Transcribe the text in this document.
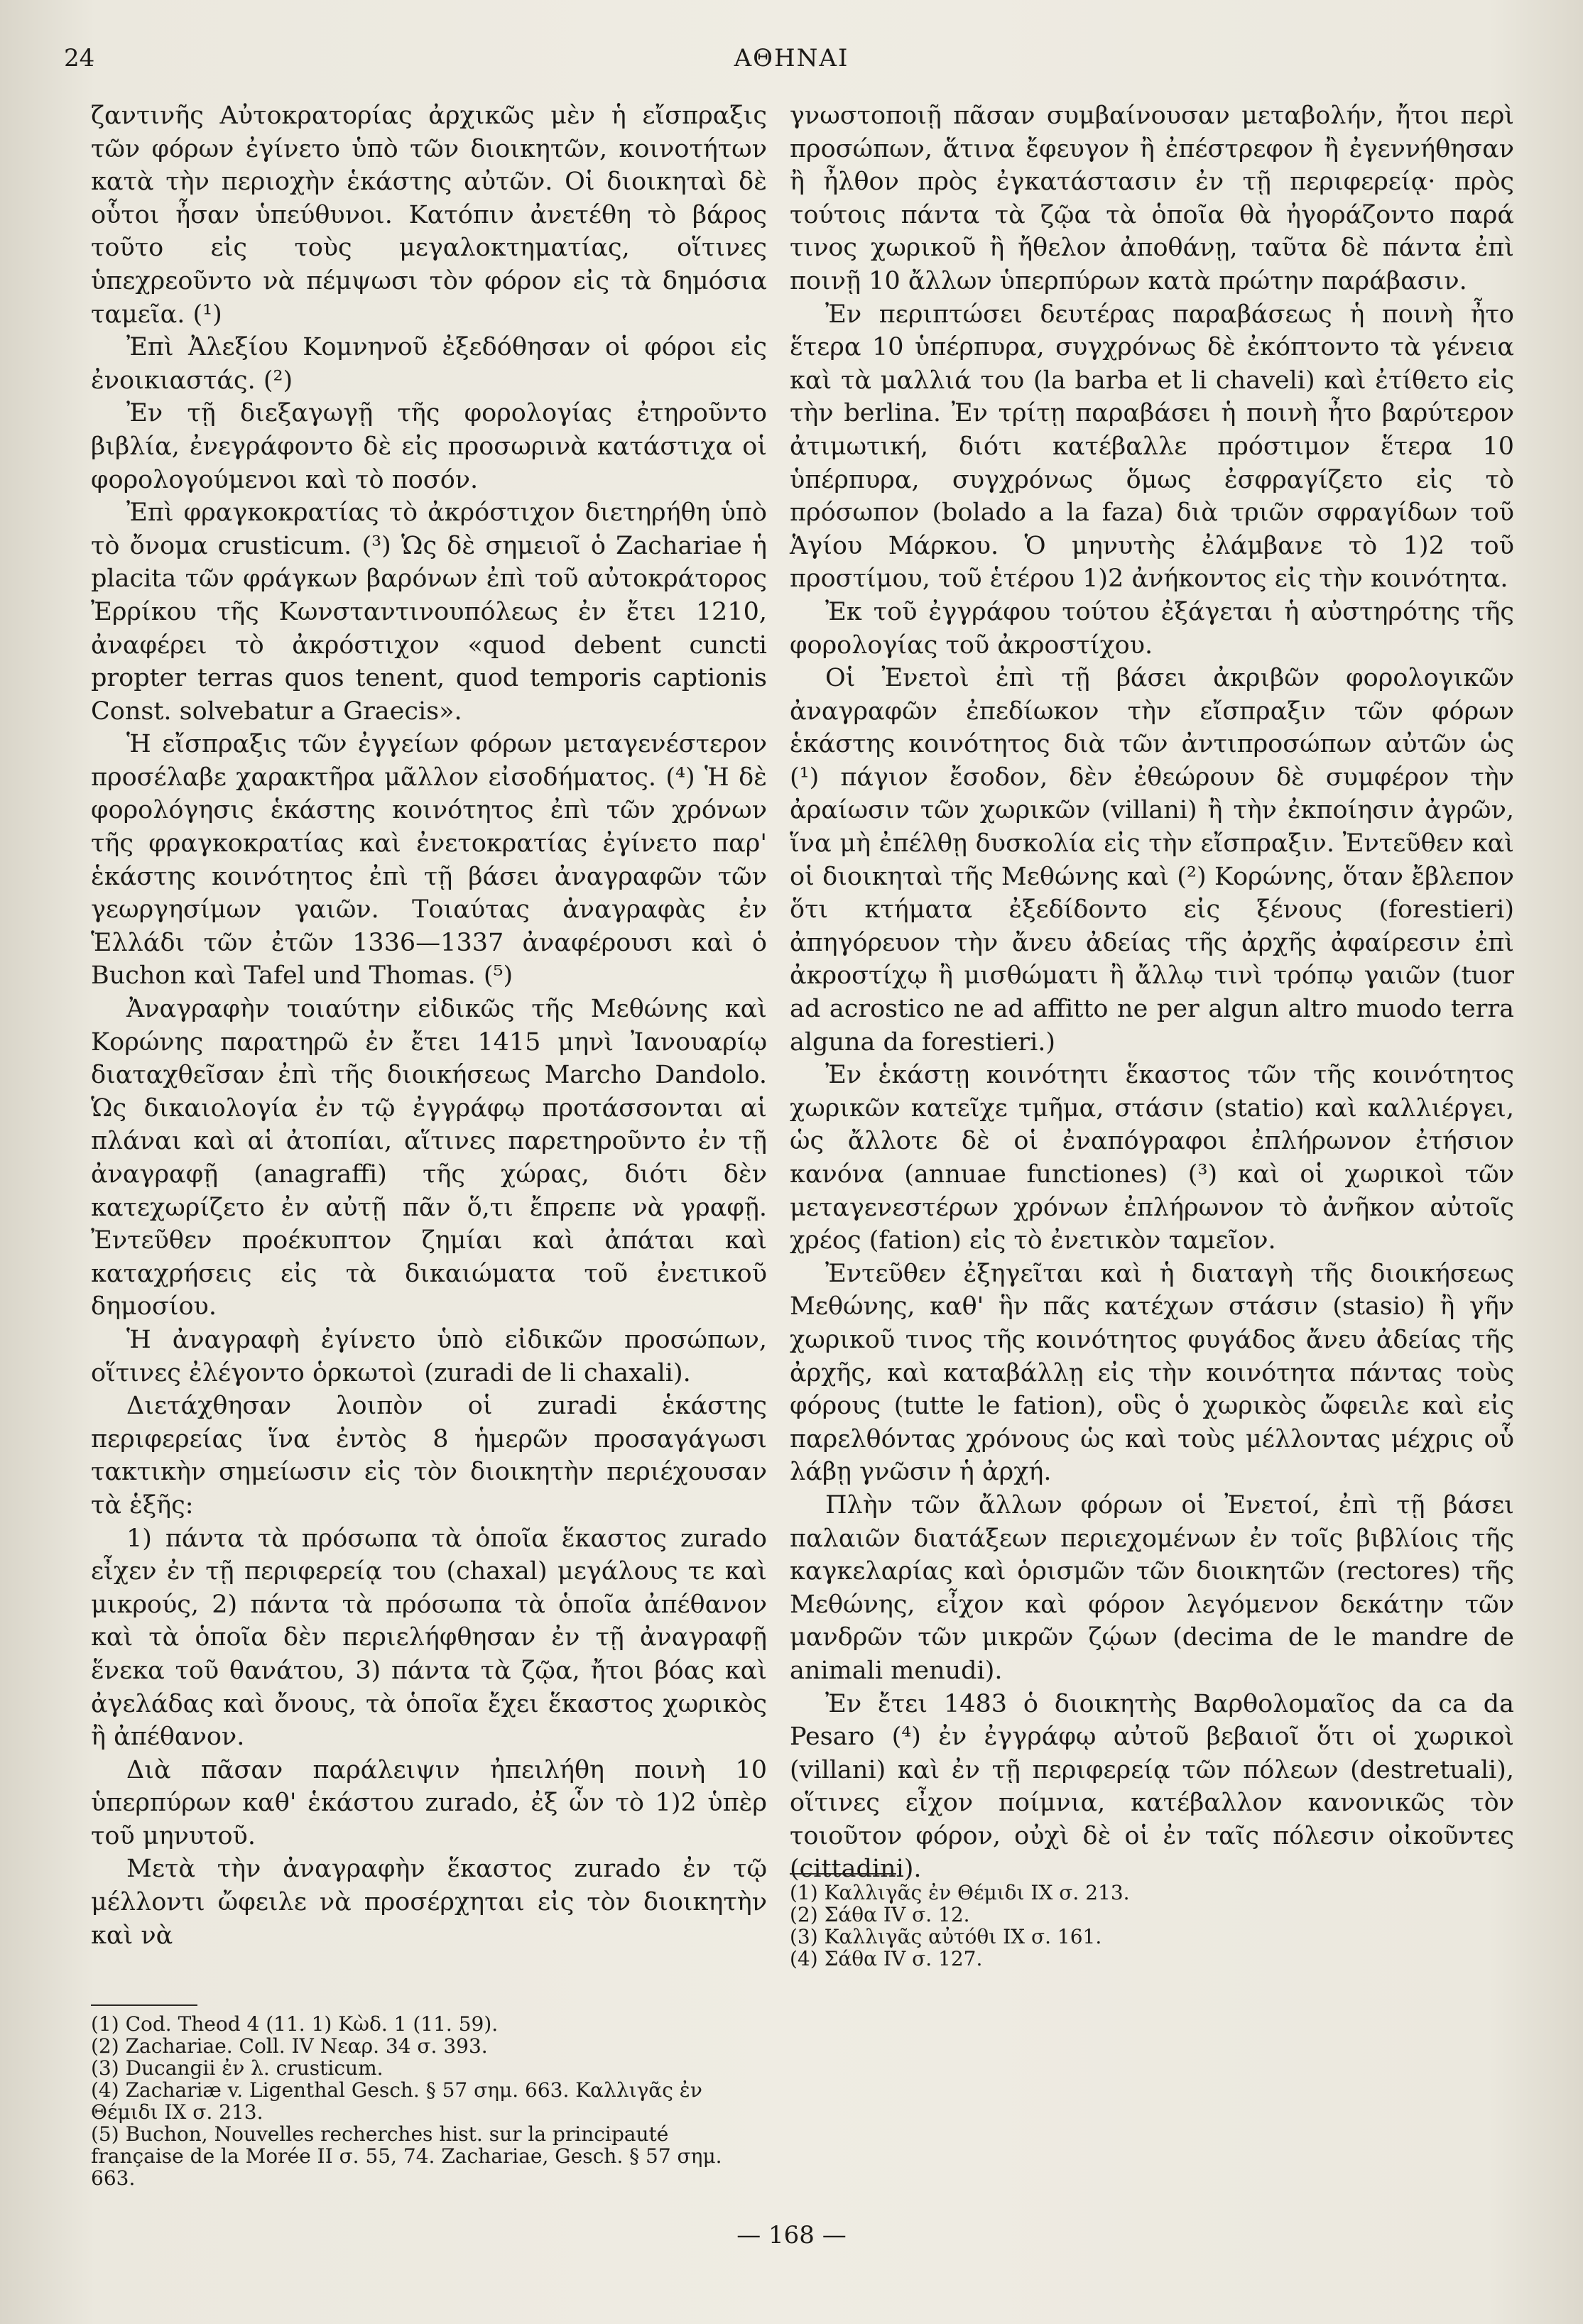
24	ΑΘΗΝΑΙ

ζαντινῆς Αὐτοκρατορίας ἀρχικῶς μὲν ἡ εἴσπραξις τῶν φόρων ἐγίνετο ὑπὸ τῶν διοικητῶν, κοινοτήτων κατὰ τὴν περιοχὴν ἑκάστης αὐτῶν. Οἱ διοικηταὶ δὲ οὗτοι ἦσαν ὑπεύθυνοι. Κατόπιν ἀνετέθη τὸ βάρος τοῦτο εἰς τοὺς μεγαλοκτηματίας, οἵτινες ὑπεχρεοῦντο νὰ πέμψωσι τὸν φόρον εἰς τὰ δημόσια ταμεῖα. (¹)

Ἐπὶ Ἀλεξίου Κομνηνοῦ ἐξεδόθησαν οἱ φόροι εἰς ἐνοικιαστάς. (²)

Ἐν τῇ διεξαγωγῇ τῆς φορολογίας ἐτηροῦντο βιβλία, ἐνεγράφοντο δὲ εἰς προσωρινὰ κατάστιχα οἱ φορολογούμενοι καὶ τὸ ποσόν.

Ἐπὶ φραγκοκρατίας τὸ ἀκρόστιχον διετηρήθη ὑπὸ τὸ ὄνομα crusticum. (³) Ὡς δὲ σημειοῖ ὁ Zachariae ἡ placita τῶν φράγκων βαρόνων ἐπὶ τοῦ αὐτοκράτορος Ἐρρίκου τῆς Κωνσταντινουπόλεως ἐν ἔτει 1210, ἀναφέρει τὸ ἀκρόστιχον «quod debent cuncti propter terras quos tenent, quod temporis captionis Const. solvebatur a Graecis».

Ἡ εἴσπραξις τῶν ἐγγείων φόρων μεταγενέστερον προσέλαβε χαρακτῆρα μᾶλλον εἰσοδήματος. (⁴) Ἡ δὲ φορολόγησις ἑκάστης κοινότητος ἐπὶ τῶν χρόνων τῆς φραγκοκρατίας καὶ ἐνετοκρατίας ἐγίνετο παρ' ἑκάστης κοινότητος ἐπὶ τῇ βάσει ἀναγραφῶν τῶν γεωργησίμων γαιῶν. Τοιαύτας ἀναγραφὰς ἐν Ἑλλάδι τῶν ἐτῶν 1336—1337 ἀναφέρουσι καὶ ὁ Buchon καὶ Tafel und Thomas. (⁵)

Ἀναγραφὴν τοιαύτην εἰδικῶς τῆς Μεθώνης καὶ Κορώνης παρατηρῶ ἐν ἔτει 1415 μηνὶ Ἰανουαρίῳ διαταχθεῖσαν ἐπὶ τῆς διοικήσεως Marcho Dandolo. Ὡς δικαιολογία ἐν τῷ ἐγγράφῳ προτάσσονται αἱ πλάναι καὶ αἱ ἀτοπίαι, αἵτινες παρετηροῦντο ἐν τῇ ἀναγραφῇ (anagraffi) τῆς χώρας, διότι δὲν κατεχωρίζετο ἐν αὐτῇ πᾶν ὅ,τι ἔπρεπε νὰ γραφῇ. Ἐντεῦθεν προέκυπτον ζημίαι καὶ ἀπάται καὶ καταχρήσεις εἰς τὰ δικαιώματα τοῦ ἐνετικοῦ δημοσίου.

Ἡ ἀναγραφὴ ἐγίνετο ὑπὸ εἰδικῶν προσώπων, οἵτινες ἐλέγοντο ὁρκωτοὶ (zuradi de li chaxali).

Διετάχθησαν λοιπὸν οἱ zuradi ἑκάστης περιφερείας ἵνα ἐντὸς 8 ἡμερῶν προσαγάγωσι τακτικὴν σημείωσιν εἰς τὸν διοικητὴν περιέχουσαν τὰ ἑξῆς:

1) πάντα τὰ πρόσωπα τὰ ὁποῖα ἕκαστος zurado εἶχεν ἐν τῇ περιφερείᾳ του (chaxal) μεγάλους τε καὶ μικρούς, 2) πάντα τὰ πρόσωπα τὰ ὁποῖα ἀπέθανον καὶ τὰ ὁποῖα δὲν περιελήφθησαν ἐν τῇ ἀναγραφῇ ἕνεκα τοῦ θανάτου, 3) πάντα τὰ ζῷα, ἤτοι βόας καὶ ἀγελάδας καὶ ὄνους, τὰ ὁποῖα ἔχει ἕκαστος χωρικὸς ἢ ἀπέθανον.

Διὰ πᾶσαν παράλειψιν ἠπειλήθη ποινὴ 10 ὑπερπύρων καθ' ἑκάστου zurado, ἐξ ὧν τὸ 1)2 ὑπὲρ τοῦ μηνυτοῦ.

Μετὰ τὴν ἀναγραφὴν ἕκαστος zurado ἐν τῷ μέλλοντι ὤφειλε νὰ προσέρχηται εἰς τὸν διοικητὴν καὶ νὰ

(1) Cod. Theod 4 (11. 1) Κὼδ. 1 (11. 59).

(2) Zachariae. Coll. IV Νεαρ. 34 σ. 393.

(3) Ducangii ἐν λ. crusticum.

(4) Zachariæ v. Ligenthal Gesch. § 57 σημ. 663. Καλλιγᾶς ἐν Θέμιδι IX σ. 213.

(5) Buchon, Nouvelles recherches hist. sur la principauté française de la Morée II σ. 55, 74. Zachariae, Gesch. § 57 σημ. 663.

γνωστοποιῇ πᾶσαν συμβαίνουσαν μεταβολήν, ἤτοι περὶ προσώπων, ἅτινα ἔφευγον ἢ ἐπέστρεφον ἢ ἐγεννήθησαν ἢ ἦλθον πρὸς ἐγκατάστασιν ἐν τῇ περιφερείᾳ· πρὸς τούτοις πάντα τὰ ζῷα τὰ ὁποῖα θὰ ἠγοράζοντο παρά τινος χωρικοῦ ἢ ἤθελον ἀποθάνῃ, ταῦτα δὲ πάντα ἐπὶ ποινῇ 10 ἄλλων ὑπερπύρων κατὰ πρώτην παράβασιν.

Ἐν περιπτώσει δευτέρας παραβάσεως ἡ ποινὴ ἦτο ἕτερα 10 ὑπέρπυρα, συγχρόνως δὲ ἐκόπτοντο τὰ γένεια καὶ τὰ μαλλιά του (la barba et li chaveli) καὶ ἐτίθετο εἰς τὴν berlina. Ἐν τρίτῃ παραβάσει ἡ ποινὴ ἦτο βαρύτερον ἀτιμωτική, διότι κατέβαλλε πρόστιμον ἕτερα 10 ὑπέρπυρα, συγχρόνως ὅμως ἐσφραγίζετο εἰς τὸ πρόσωπον (bolado a la faza) διὰ τριῶν σφραγίδων τοῦ Ἁγίου Μάρκου. Ὁ μηνυτὴς ἐλάμβανε τὸ 1)2 τοῦ προστίμου, τοῦ ἑτέρου 1)2 ἀνήκοντος εἰς τὴν κοινότητα.

Ἐκ τοῦ ἐγγράφου τούτου ἐξάγεται ἡ αὐστηρότης τῆς φορολογίας τοῦ ἀκροστίχου.

Οἱ Ἐνετοὶ ἐπὶ τῇ βάσει ἀκριβῶν φορολογικῶν ἀναγραφῶν ἐπεδίωκον τὴν εἴσπραξιν τῶν φόρων ἑκάστης κοινότητος διὰ τῶν ἀντιπροσώπων αὐτῶν ὡς (¹) πάγιον ἔσοδον, δὲν ἐθεώρουν δὲ συμφέρον τὴν ἀραίωσιν τῶν χωρικῶν (villani) ἢ τὴν ἐκποίησιν ἀγρῶν, ἵνα μὴ ἐπέλθῃ δυσκολία εἰς τὴν εἴσπραξιν. Ἐντεῦθεν καὶ οἱ διοικηταὶ τῆς Μεθώνης καὶ (²) Κορώνης, ὅταν ἔβλεπον ὅτι κτήματα ἐξεδίδοντο εἰς ξένους (forestieri) ἀπηγόρευον τὴν ἄνευ ἀδείας τῆς ἀρχῆς ἀφαίρεσιν ἐπὶ ἀκροστίχῳ ἢ μισθώματι ἢ ἄλλῳ τινὶ τρόπῳ γαιῶν (tuor ad acrostico ne ad affitto ne per algun altro muodo terra alguna da forestieri.)

Ἐν ἑκάστῃ κοινότητι ἕκαστος τῶν τῆς κοινότητος χωρικῶν κατεῖχε τμῆμα, στάσιν (statio) καὶ καλλιέργει, ὡς ἄλλοτε δὲ οἱ ἐναπόγραφοι ἐπλήρωνον ἐτήσιον κανόνα (annuae functiones) (³) καὶ οἱ χωρικοὶ τῶν μεταγενεστέρων χρόνων ἐπλήρωνον τὸ ἀνῆκον αὐτοῖς χρέος (fation) εἰς τὸ ἐνετικὸν ταμεῖον.

Ἐντεῦθεν ἐξηγεῖται καὶ ἡ διαταγὴ τῆς διοικήσεως Μεθώνης, καθ' ἣν πᾶς κατέχων στάσιν (stasio) ἢ γῆν χωρικοῦ τινος τῆς κοινότητος φυγάδος ἄνευ ἀδείας τῆς ἀρχῆς, καὶ καταβάλλῃ εἰς τὴν κοινότητα πάντας τοὺς φόρους (tutte le fation), οὓς ὁ χωρικὸς ὤφειλε καὶ εἰς παρελθόντας χρόνους ὡς καὶ τοὺς μέλλοντας μέχρις οὗ λάβῃ γνῶσιν ἡ ἀρχή.

Πλὴν τῶν ἄλλων φόρων οἱ Ἐνετοί, ἐπὶ τῇ βάσει παλαιῶν διατάξεων περιεχομένων ἐν τοῖς βιβλίοις τῆς καγκελαρίας καὶ ὁρισμῶν τῶν διοικητῶν (rectores) τῆς Μεθώνης, εἶχον καὶ φόρον λεγόμενον δεκάτην τῶν μανδρῶν τῶν μικρῶν ζῴων (decima de le mandre de animali menudi).

Ἐν ἔτει 1483 ὁ διοικητὴς Βαρθολομαῖος da ca da Pesaro (⁴) ἐν ἐγγράφῳ αὐτοῦ βεβαιοῖ ὅτι οἱ χωρικοὶ (villani) καὶ ἐν τῇ περιφερείᾳ τῶν πόλεων (destretuali), οἵτινες εἶχον ποίμνια, κατέβαλλον κανονικῶς τὸν τοιοῦτον φόρον, οὐχὶ δὲ οἱ ἐν ταῖς πόλεσιν οἰκοῦντες (cittadini).

(1) Καλλιγᾶς ἐν Θέμιδι IX σ. 213.

(2) Σάθα IV σ. 12.

(3) Καλλιγᾶς αὐτόθι IX σ. 161.

(4) Σάθα IV σ. 127.

— 168 —
